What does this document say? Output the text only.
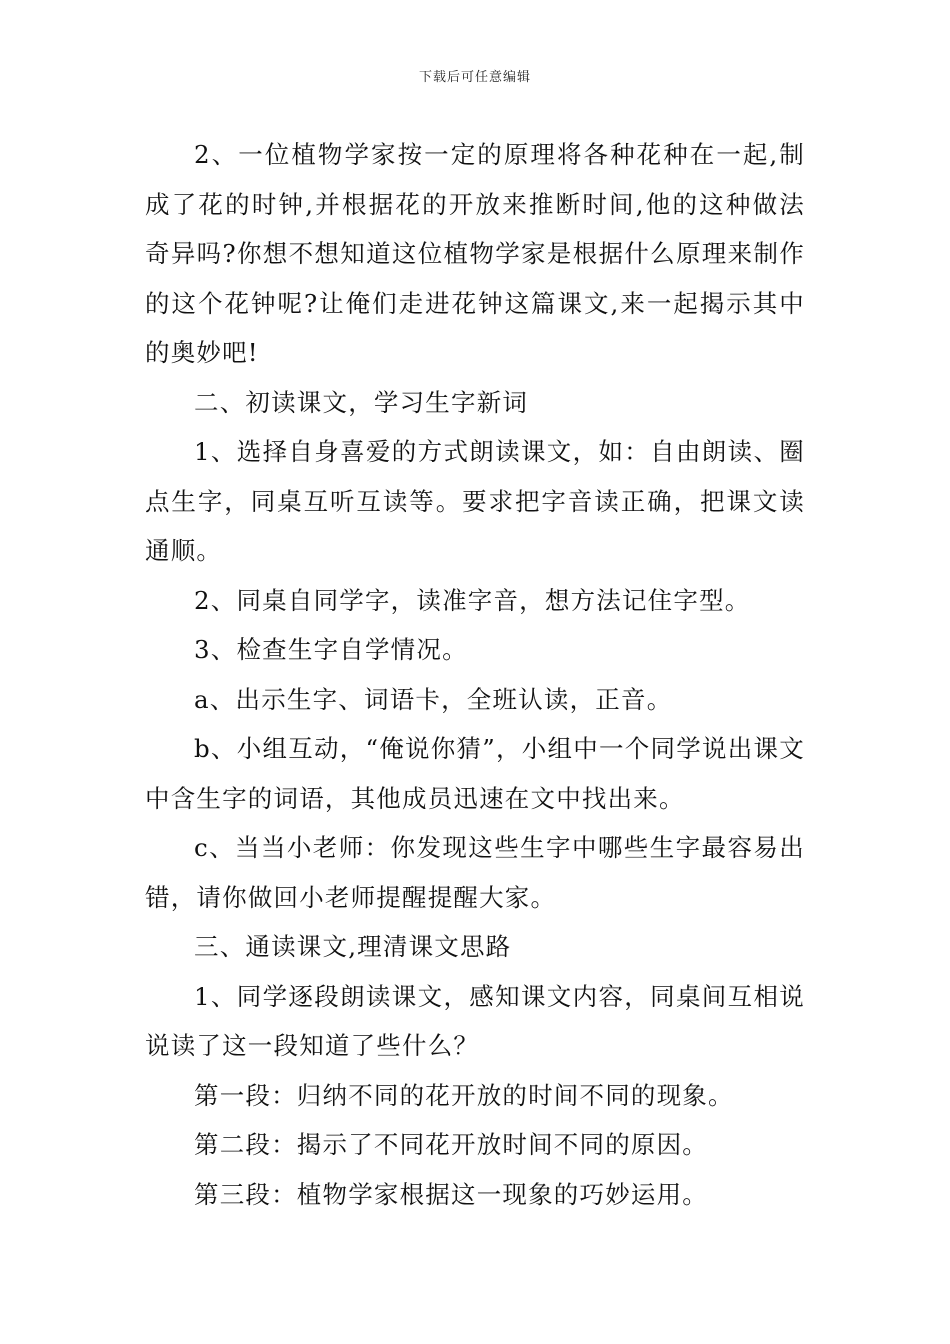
下载后可任意编辑

2、一位植物学家按一定的原理将各种花种在一起,制成了花的时钟,并根据花的开放来推断时间,他的这种做法奇异吗?你想不想知道这位植物学家是根据什么原理来制作的这个花钟呢?让俺们走进花钟这篇课文,来一起揭示其中的奥妙吧!

二、初读课文，学习生字新词

1、选择自身喜爱的方式朗读课文，如：自由朗读、圈点生字，同桌互听互读等。要求把字音读正确，把课文读通顺。

2、同桌自同学字，读准字音，想方法记住字型。

3、检查生字自学情况。

a、出示生字、词语卡，全班认读，正音。

b、小组互动，“俺说你猜”，小组中一个同学说出课文中含生字的词语，其他成员迅速在文中找出来。

c、当当小老师：你发现这些生字中哪些生字最容易出错，请你做回小老师提醒提醒大家。

三、通读课文,理清课文思路

1、同学逐段朗读课文，感知课文内容，同桌间互相说说读了这一段知道了些什么？

第一段：归纳不同的花开放的时间不同的现象。

第二段：揭示了不同花开放时间不同的原因。

第三段：植物学家根据这一现象的巧妙运用。
